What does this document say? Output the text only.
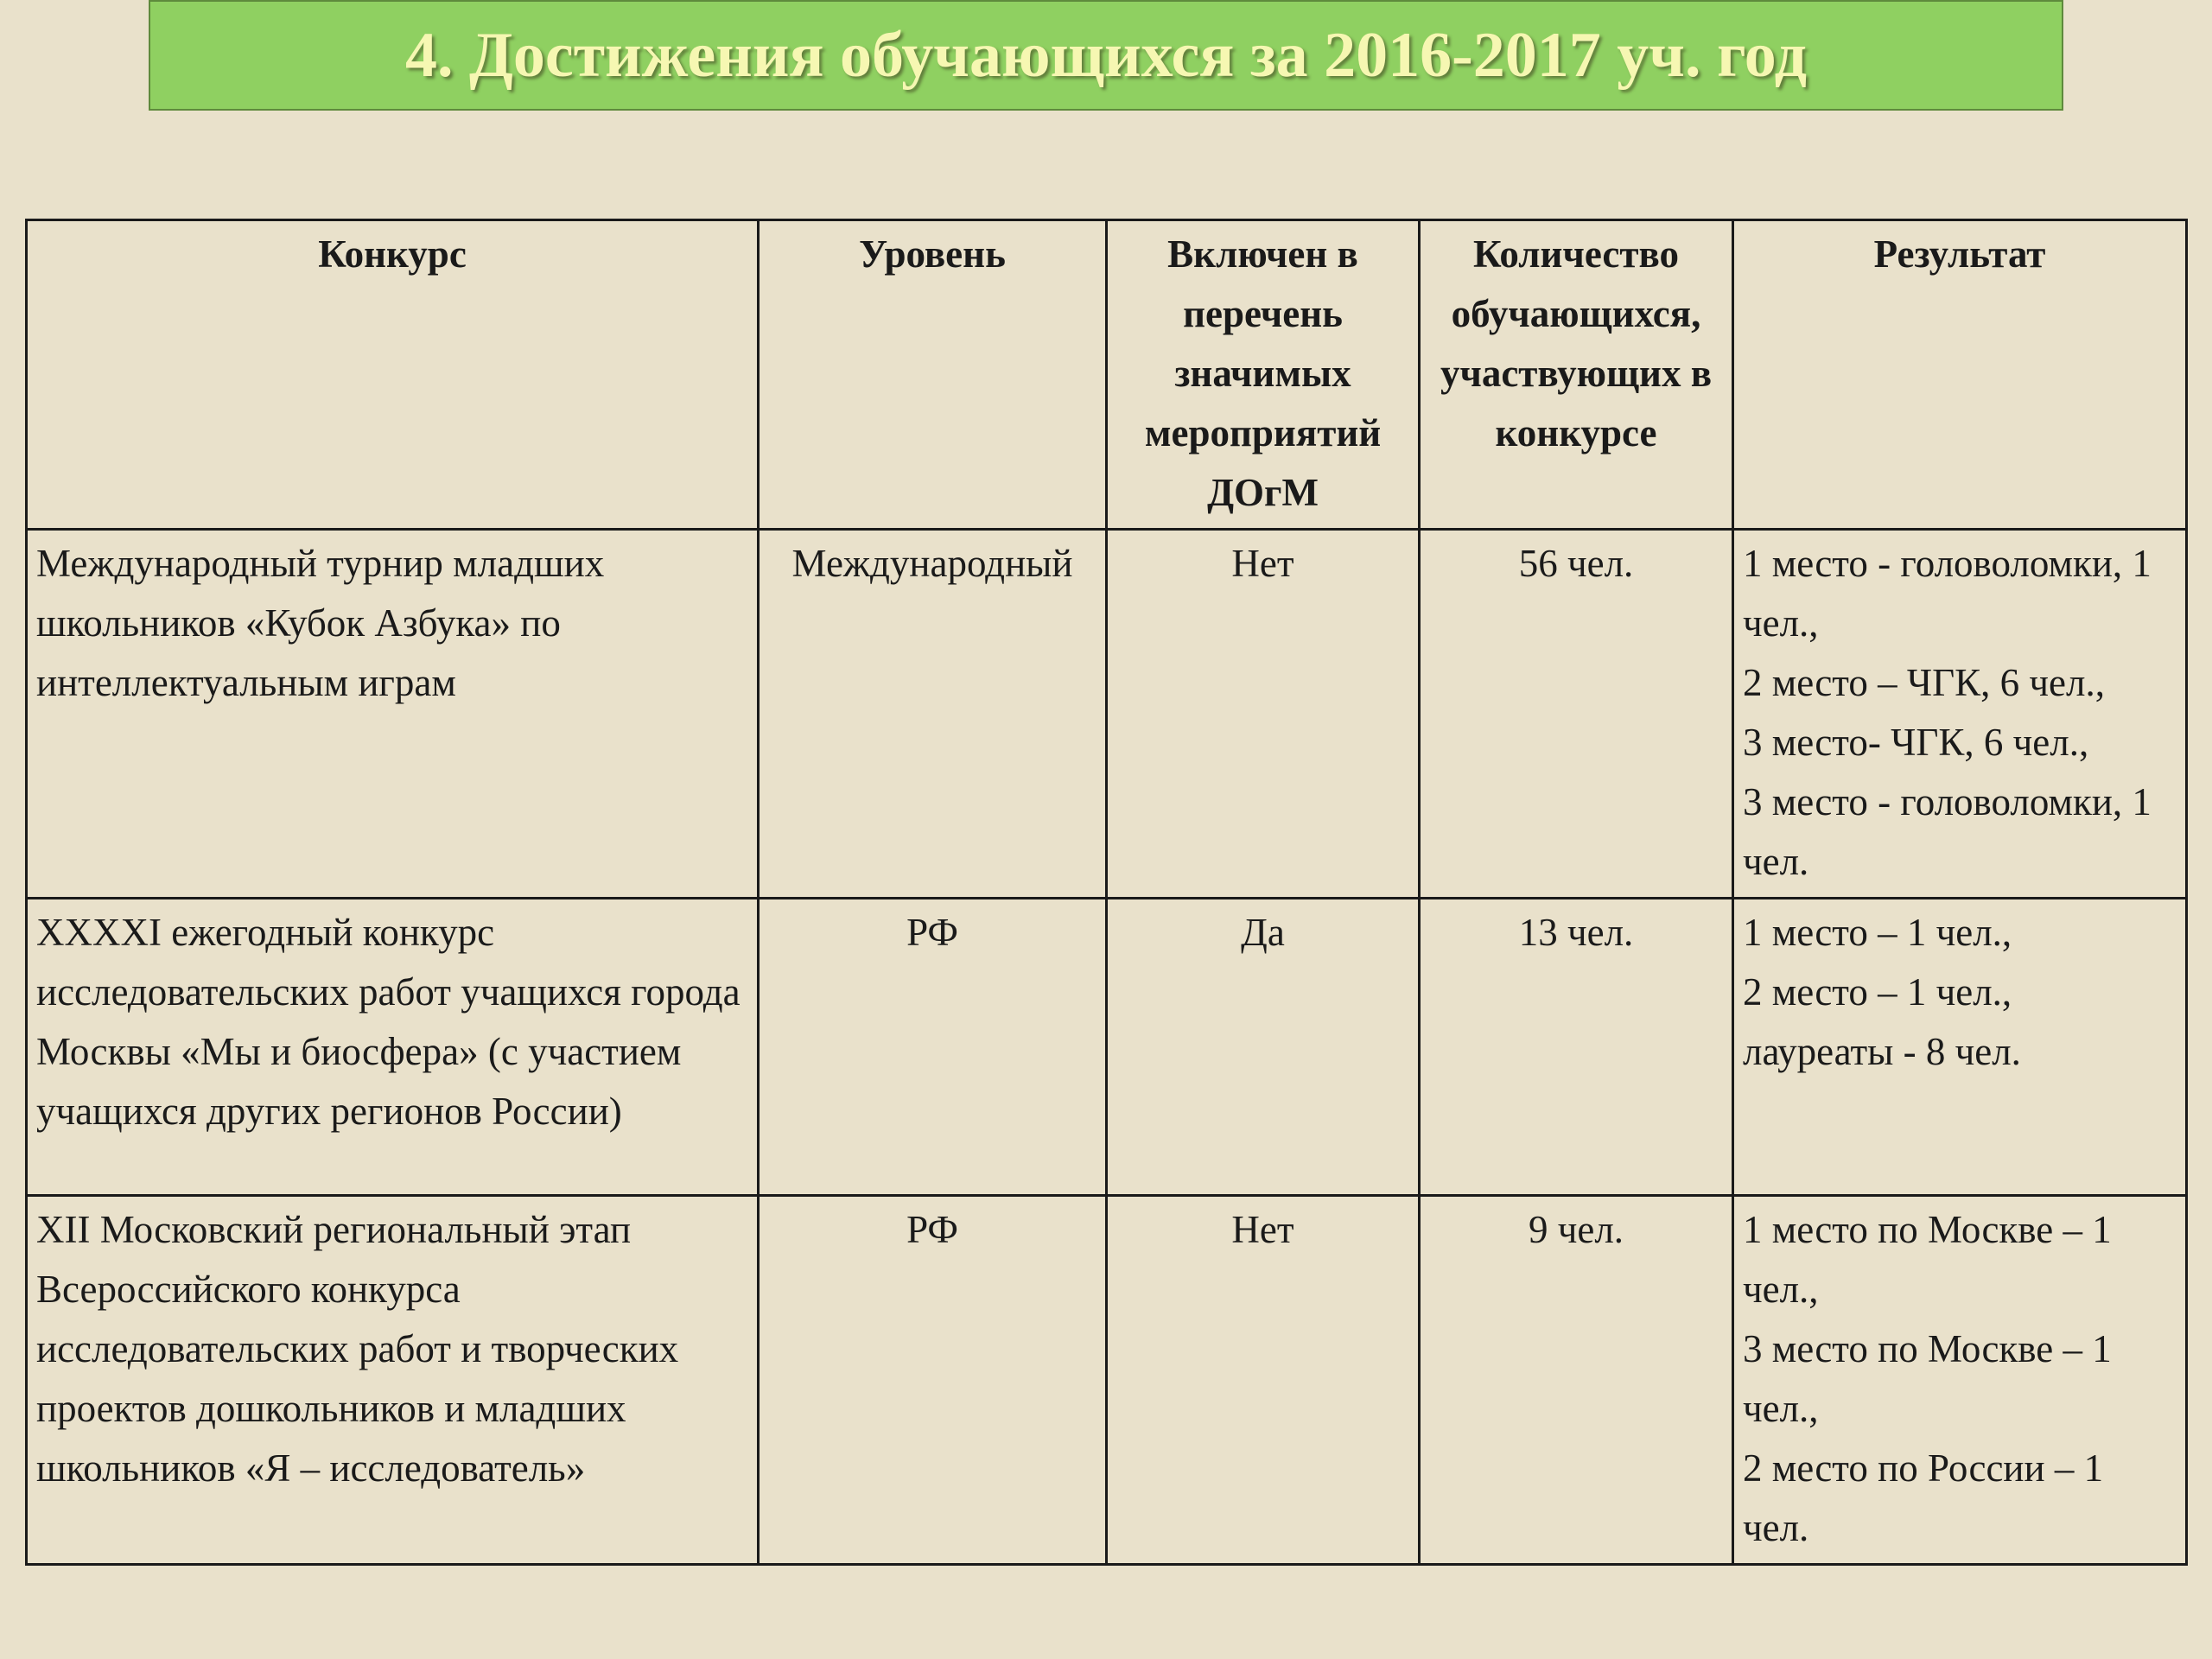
4. Достижения обучающихся за 2016-2017 уч. год
Конкурс	Уровень	Включен в перечень значимых мероприятий ДОгМ	Количество обучающихся, участвующих в конкурсе	Результат
Международный турнир младших школьников «Кубок Азбука» по интеллектуальным играм	Международный	Нет	56 чел.	1 место - головоломки, 1 чел.,
2 место – ЧГК, 6 чел.,
3 место- ЧГК, 6 чел.,
3 место - головоломки, 1 чел.

XXXXI ежегодный конкурс исследовательских работ учащихся города Москвы «Мы и биосфера» (с участием учащихся других регионов России)	РФ	Да	13 чел.	1 место – 1 чел.,
2 место – 1 чел.,
лауреаты - 8 чел.

XII Московский региональный этап Всероссийского конкурса исследовательских работ и творческих проектов дошкольников и младших школьников «Я – исследователь»	РФ	Нет	9 чел.	1 место по Москве – 1 чел.,
3 место по Москве – 1 чел.,
2 место по России – 1 чел.
